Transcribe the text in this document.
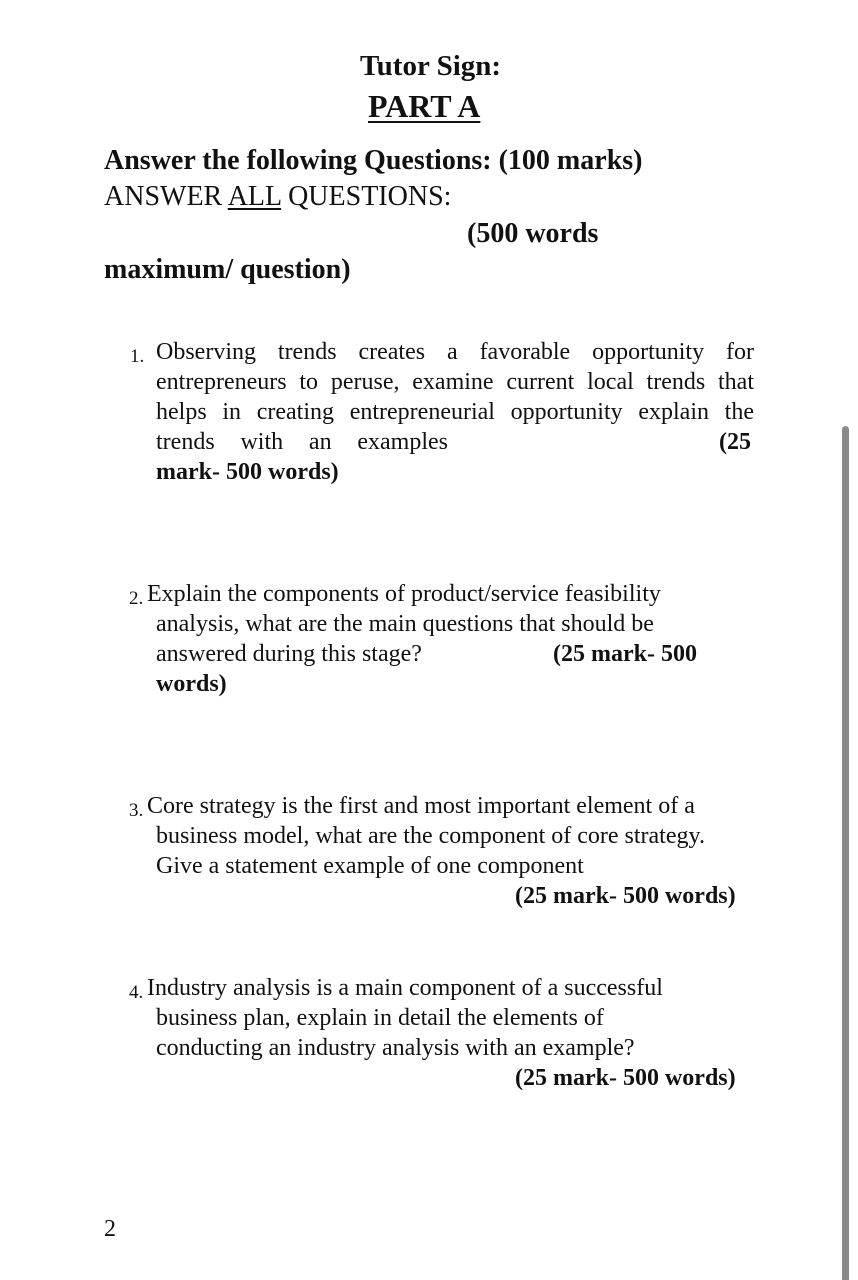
Tutor Sign:
PART A
Answer the following Questions: (100 marks)
ANSWER ALL QUESTIONS:
(500 words
maximum/ question)
1. Observing trends creates a favorable opportunity for
entrepreneurs to peruse, examine current local trends that
helps in creating entrepreneurial opportunity explain the
trends with an examples	(25
mark- 500 words)
2. Explain the components of product/service feasibility
analysis, what are the main questions that should be
answered during this stage?	(25 mark- 500
words)
3. Core strategy is the first and most important element of a
business model, what are the component of core strategy.
Give a statement example of one component
(25 mark- 500 words)
4. Industry analysis is a main component of a successful
business plan, explain in detail the elements of
conducting an industry analysis with an example?
(25 mark- 500 words)
2
